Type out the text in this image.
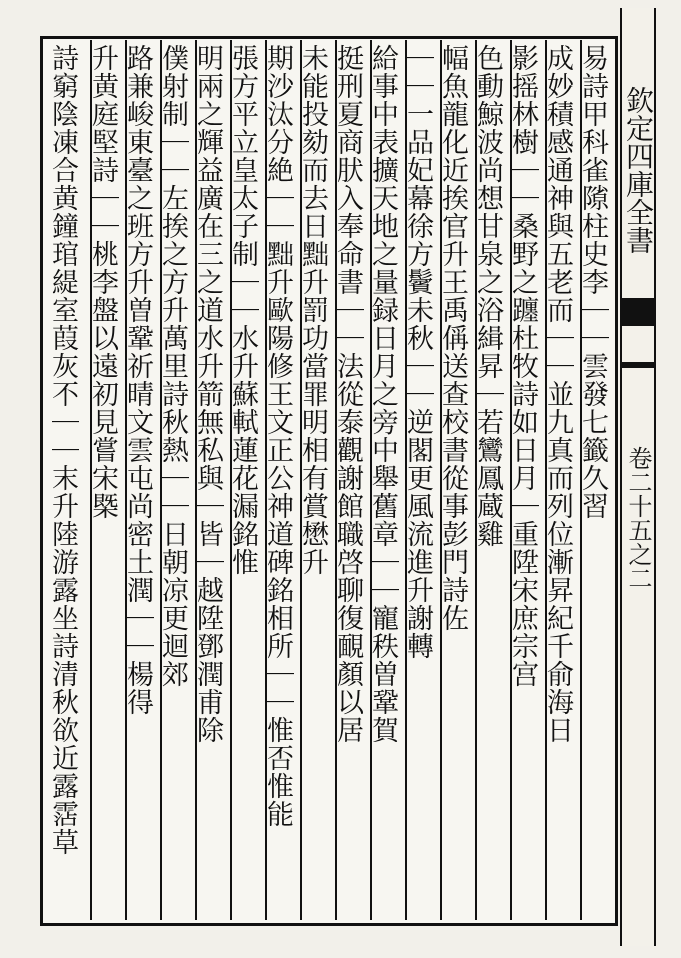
欽定四庫全書
卷二十五之二
易詩甲科雀𨻶柱史李｜｜雲發七籤久習
成妙積感通神與五老而｜｜並九真而列位漸昇紀千俞海日
影摇林樹｜｜桑野之躔杜牧詩如日月｜重陞宋庶宗宫
色動鯨波尚想甘泉之浴緝昇｜若鸞鳳蔵雞
幅魚龍化近挨官升王禹偁送查校書從事彭門詩佐
｜｜一品妃幕徐方鬢未秋｜｜逆閣更風流進升謝轉
給事中表擴天地之量録日月之旁中舉舊章｜｜寵秩曽鞏賀
挺刑夏商肰入奉命書｜｜法從泰觀謝館職啓聊復靦顏以居
未能投劾而去日黜升罰功當罪明相有賞懋升
期沙汰分絶｜｜黜升歐陽修王文正公神道碑銘相所｜｜惟否惟能
張方平立皇太子制｜｜水升蘇軾蓮花漏銘惟
明兩之輝益廣在三之道水升箭無私與｜皆｜越陞鄧潤甫除
僕射制｜｜左挨之方升萬里詩秋熱｜｜日朝凉更迴郊
路兼峻東臺之班方升曽鞏祈晴文雲屯尚密土潤｜｜楊得
升黄庭堅詩｜｜桃李盤以遠初見嘗宋槩
詩窮陰凍合黄鐘琯緹室葭灰不｜｜末升陸游露坐詩清秋欲近露霑草
